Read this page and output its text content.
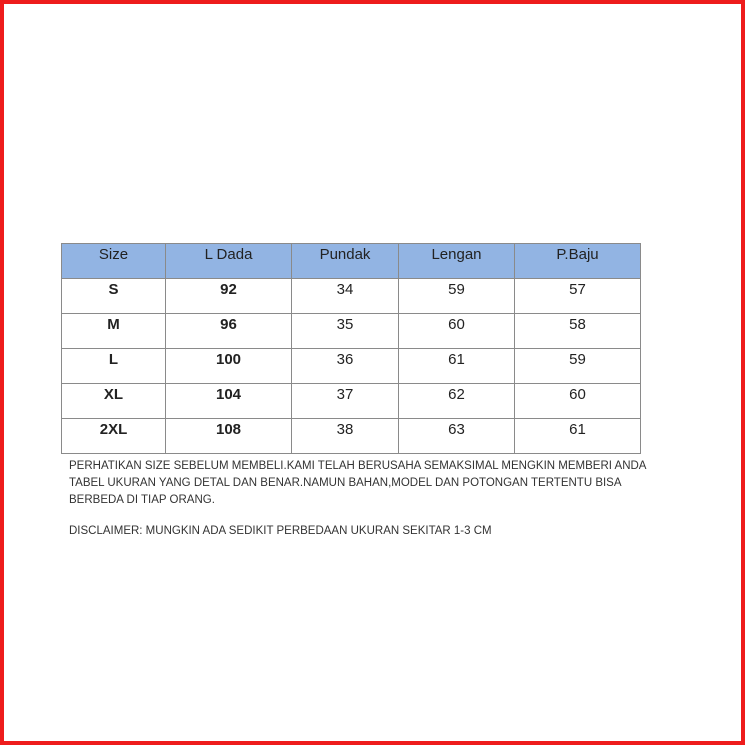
Size	L Dada	Pundak	Lengan	P.Baju
S	92	34	59	57
M	96	35	60	58
L	100	36	61	59
XL	104	37	62	60
2XL	108	38	63	61

PERHATIKAN SIZE SEBELUM MEMBELI.KAMI TELAH BERUSAHA SEMAKSIMAL MENGKIN MEMBERI ANDA TABEL UKURAN YANG DETAL DAN BENAR.NAMUN BAHAN,MODEL DAN POTONGAN TERTENTU BISA BERBEDA DI TIAP ORANG.

DISCLAIMER: MUNGKIN ADA SEDIKIT PERBEDAAN UKURAN SEKITAR 1-3 CM
